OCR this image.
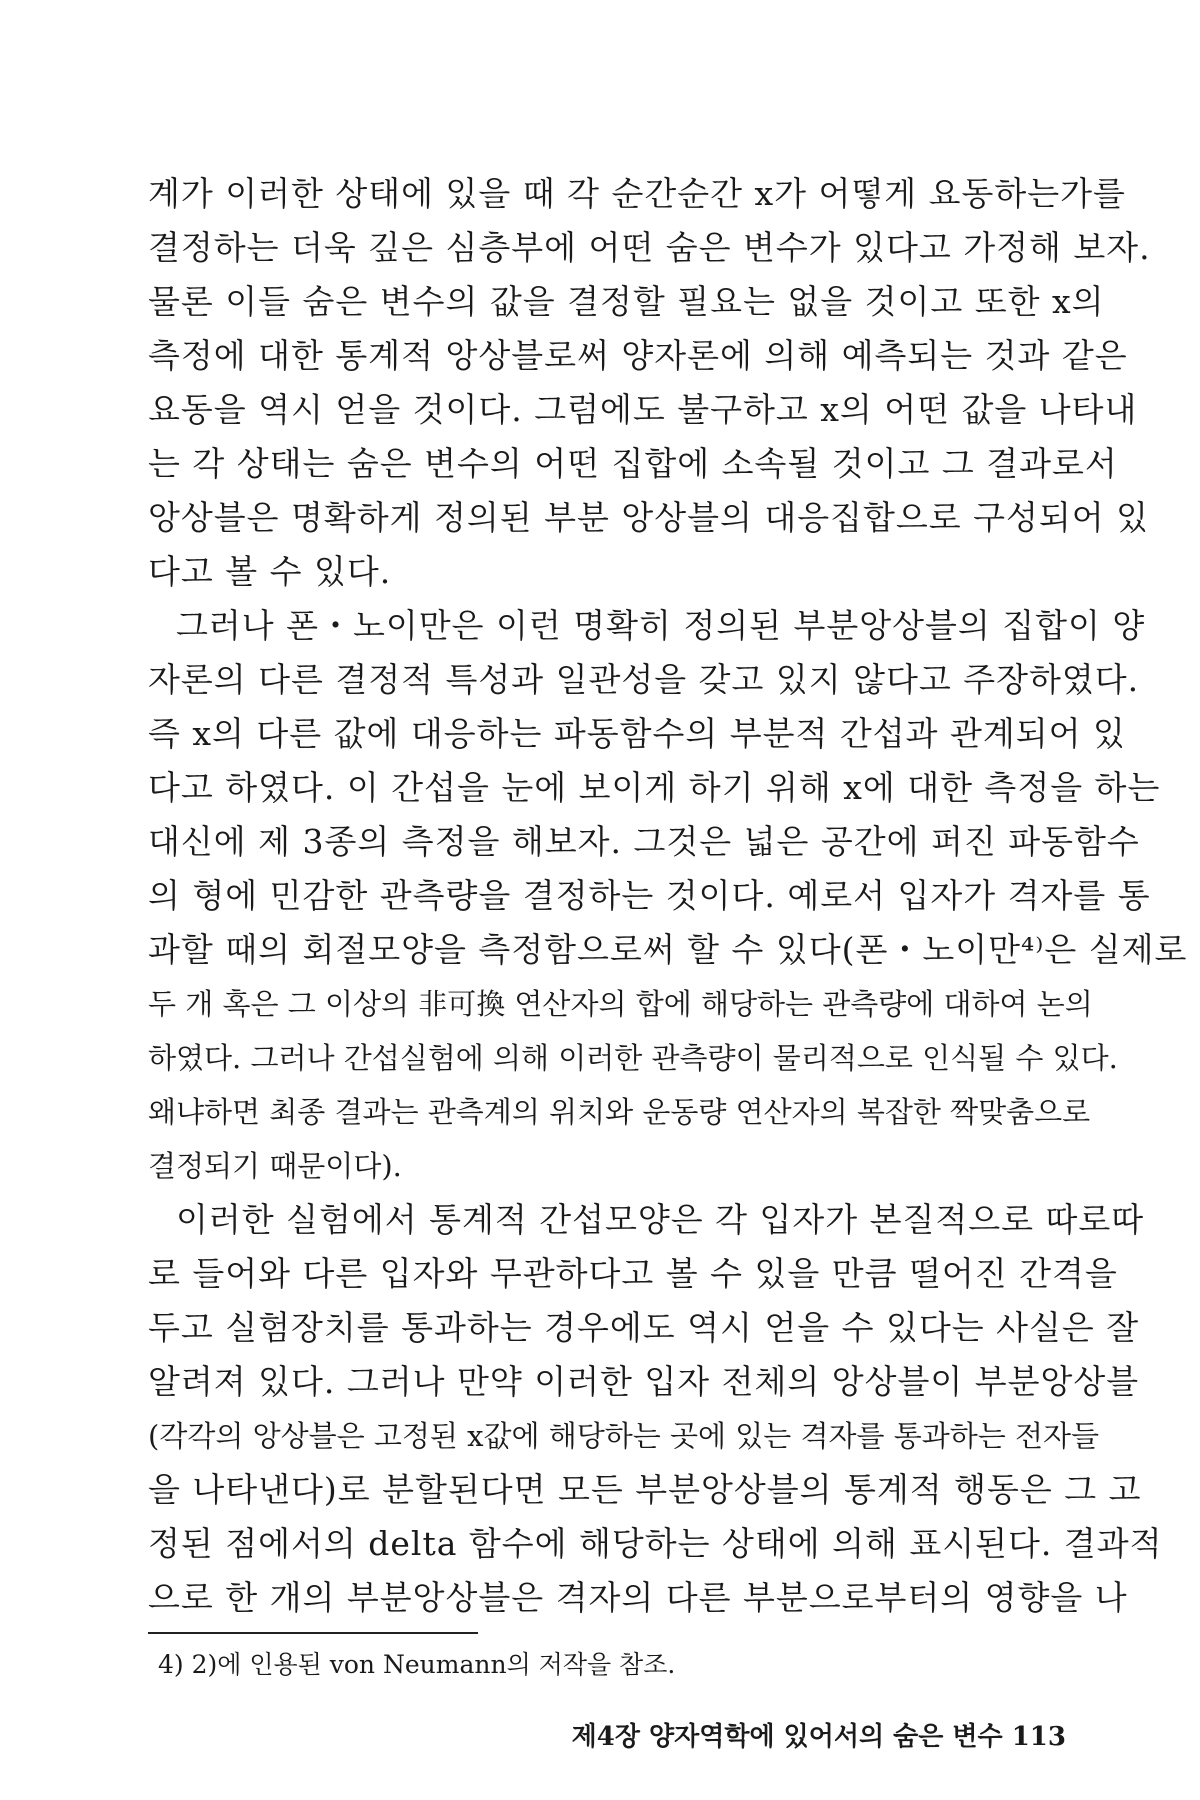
계가 이러한 상태에 있을 때 각 순간순간 x가 어떻게 요동하는가를
결정하는 더욱 깊은 심층부에 어떤 숨은 변수가 있다고 가정해 보자.
물론 이들 숨은 변수의 값을 결정할 필요는 없을 것이고 또한 x의
측정에 대한 통계적 앙상블로써 양자론에 의해 예측되는 것과 같은
요동을 역시 얻을 것이다. 그럼에도 불구하고 x의 어떤 값을 나타내
는 각 상태는 숨은 변수의 어떤 집합에 소속될 것이고 그 결과로서
앙상블은 명확하게 정의된 부분 앙상블의 대응집합으로 구성되어 있
다고 볼 수 있다.
그러나 폰・노이만은 이런 명확히 정의된 부분앙상블의 집합이 양
자론의 다른 결정적 특성과 일관성을 갖고 있지 않다고 주장하였다.
즉 x의 다른 값에 대응하는 파동함수의 부분적 간섭과 관계되어 있
다고 하였다. 이 간섭을 눈에 보이게 하기 위해 x에 대한 측정을 하는
대신에 제 3종의 측정을 해보자. 그것은 넓은 공간에 퍼진 파동함수
의 형에 민감한 관측량을 결정하는 것이다. 예로서 입자가 격자를 통
과할 때의 회절모양을 측정함으로써 할 수 있다(폰・노이만⁴⁾은 실제로
두 개 혹은 그 이상의 非可換 연산자의 합에 해당하는 관측량에 대하여 논의
하였다. 그러나 간섭실험에 의해 이러한 관측량이 물리적으로 인식될 수 있다.
왜냐하면 최종 결과는 관측계의 위치와 운동량 연산자의 복잡한 짝맞춤으로
결정되기 때문이다).
이러한 실험에서 통계적 간섭모양은 각 입자가 본질적으로 따로따
로 들어와 다른 입자와 무관하다고 볼 수 있을 만큼 떨어진 간격을
두고 실험장치를 통과하는 경우에도 역시 얻을 수 있다는 사실은 잘
알려져 있다. 그러나 만약 이러한 입자 전체의 앙상블이 부분앙상블
(각각의 앙상블은 고정된 x값에 해당하는 곳에 있는 격자를 통과하는 전자들
을 나타낸다)로 분할된다면 모든 부분앙상블의 통계적 행동은 그 고
정된 점에서의 delta 함수에 해당하는 상태에 의해 표시된다. 결과적
으로 한 개의 부분앙상블은 격자의 다른 부분으로부터의 영향을 나
4) 2)에 인용된 von Neumann의 저작을 참조.
제4장 양자역학에 있어서의 숨은 변수 113
